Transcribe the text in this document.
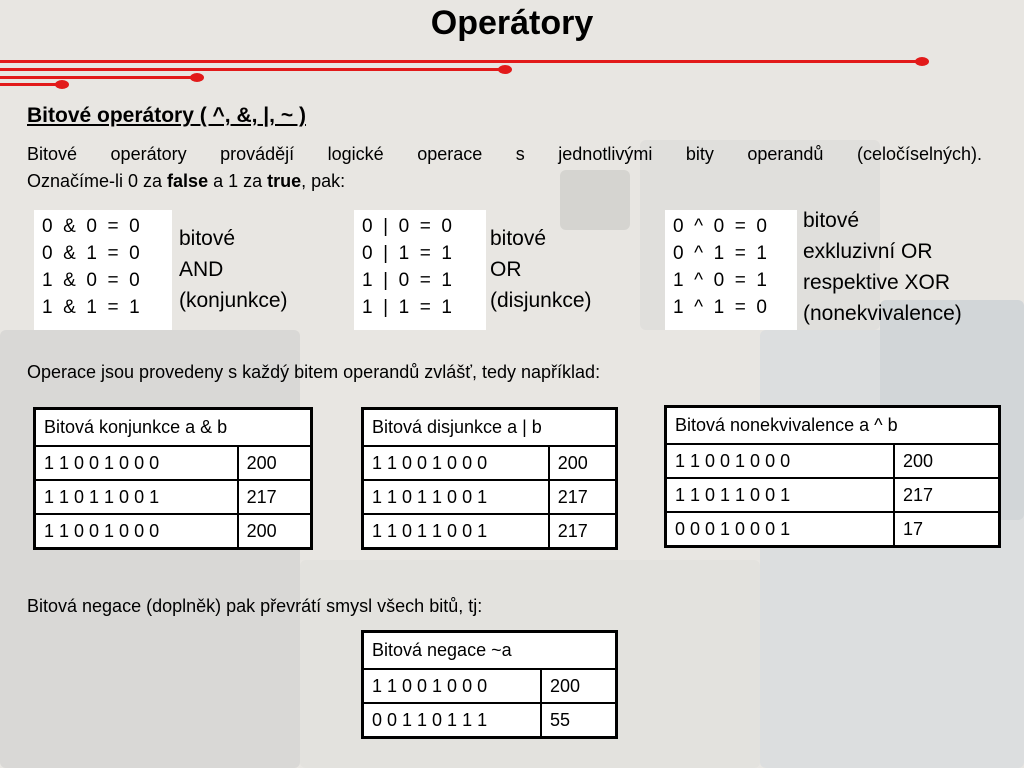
Operátory
Bitové operátory ( ^, &, |, ~ )

Bitové operátory provádějí logické operace s jednotlivými bity operandů (celočíselných).
Označíme-li 0 za false a 1 za true, pak:

0  &  0  =  0
0  &  1  =  0
1  &  0  =  0
1  &  1  =  1
bitové
AND
(konjunkce)
0  |  0  =  0
0  |  1  =  1
1  |  0  =  1
1  |  1  =  1
bitové
OR
(disjunkce)
0  ^  0  =  0
0  ^  1  =  1
1  ^  0  =  1
1  ^  1  =  0
bitové
exkluzivní OR
respektive XOR
(nonekvivalence)

Operace jsou provedeny s každý bitem operandů zvlášť, tedy například:

Bitová konjunkce a & b	
1 1 0 0 1 0 0 0	200
1 1 0 1 1 0 0 1	217
1 1 0 0 1 0 0 0	200
Bitová disjunkce a | b	
1 1 0 0 1 0 0 0	200
1 1 0 1 1 0 0 1	217
1 1 0 1 1 0 0 1	217
Bitová nonekvivalence a ^ b	
1 1 0 0 1 0 0 0	200
1 1 0 1 1 0 0 1	217
0 0 0 1 0 0 0 1	17

Bitová negace (doplněk) pak převrátí smysl všech bitů, tj:

Bitová negace ~a	
1 1 0 0 1 0 0 0	200
0 0 1 1 0 1 1 1	55
